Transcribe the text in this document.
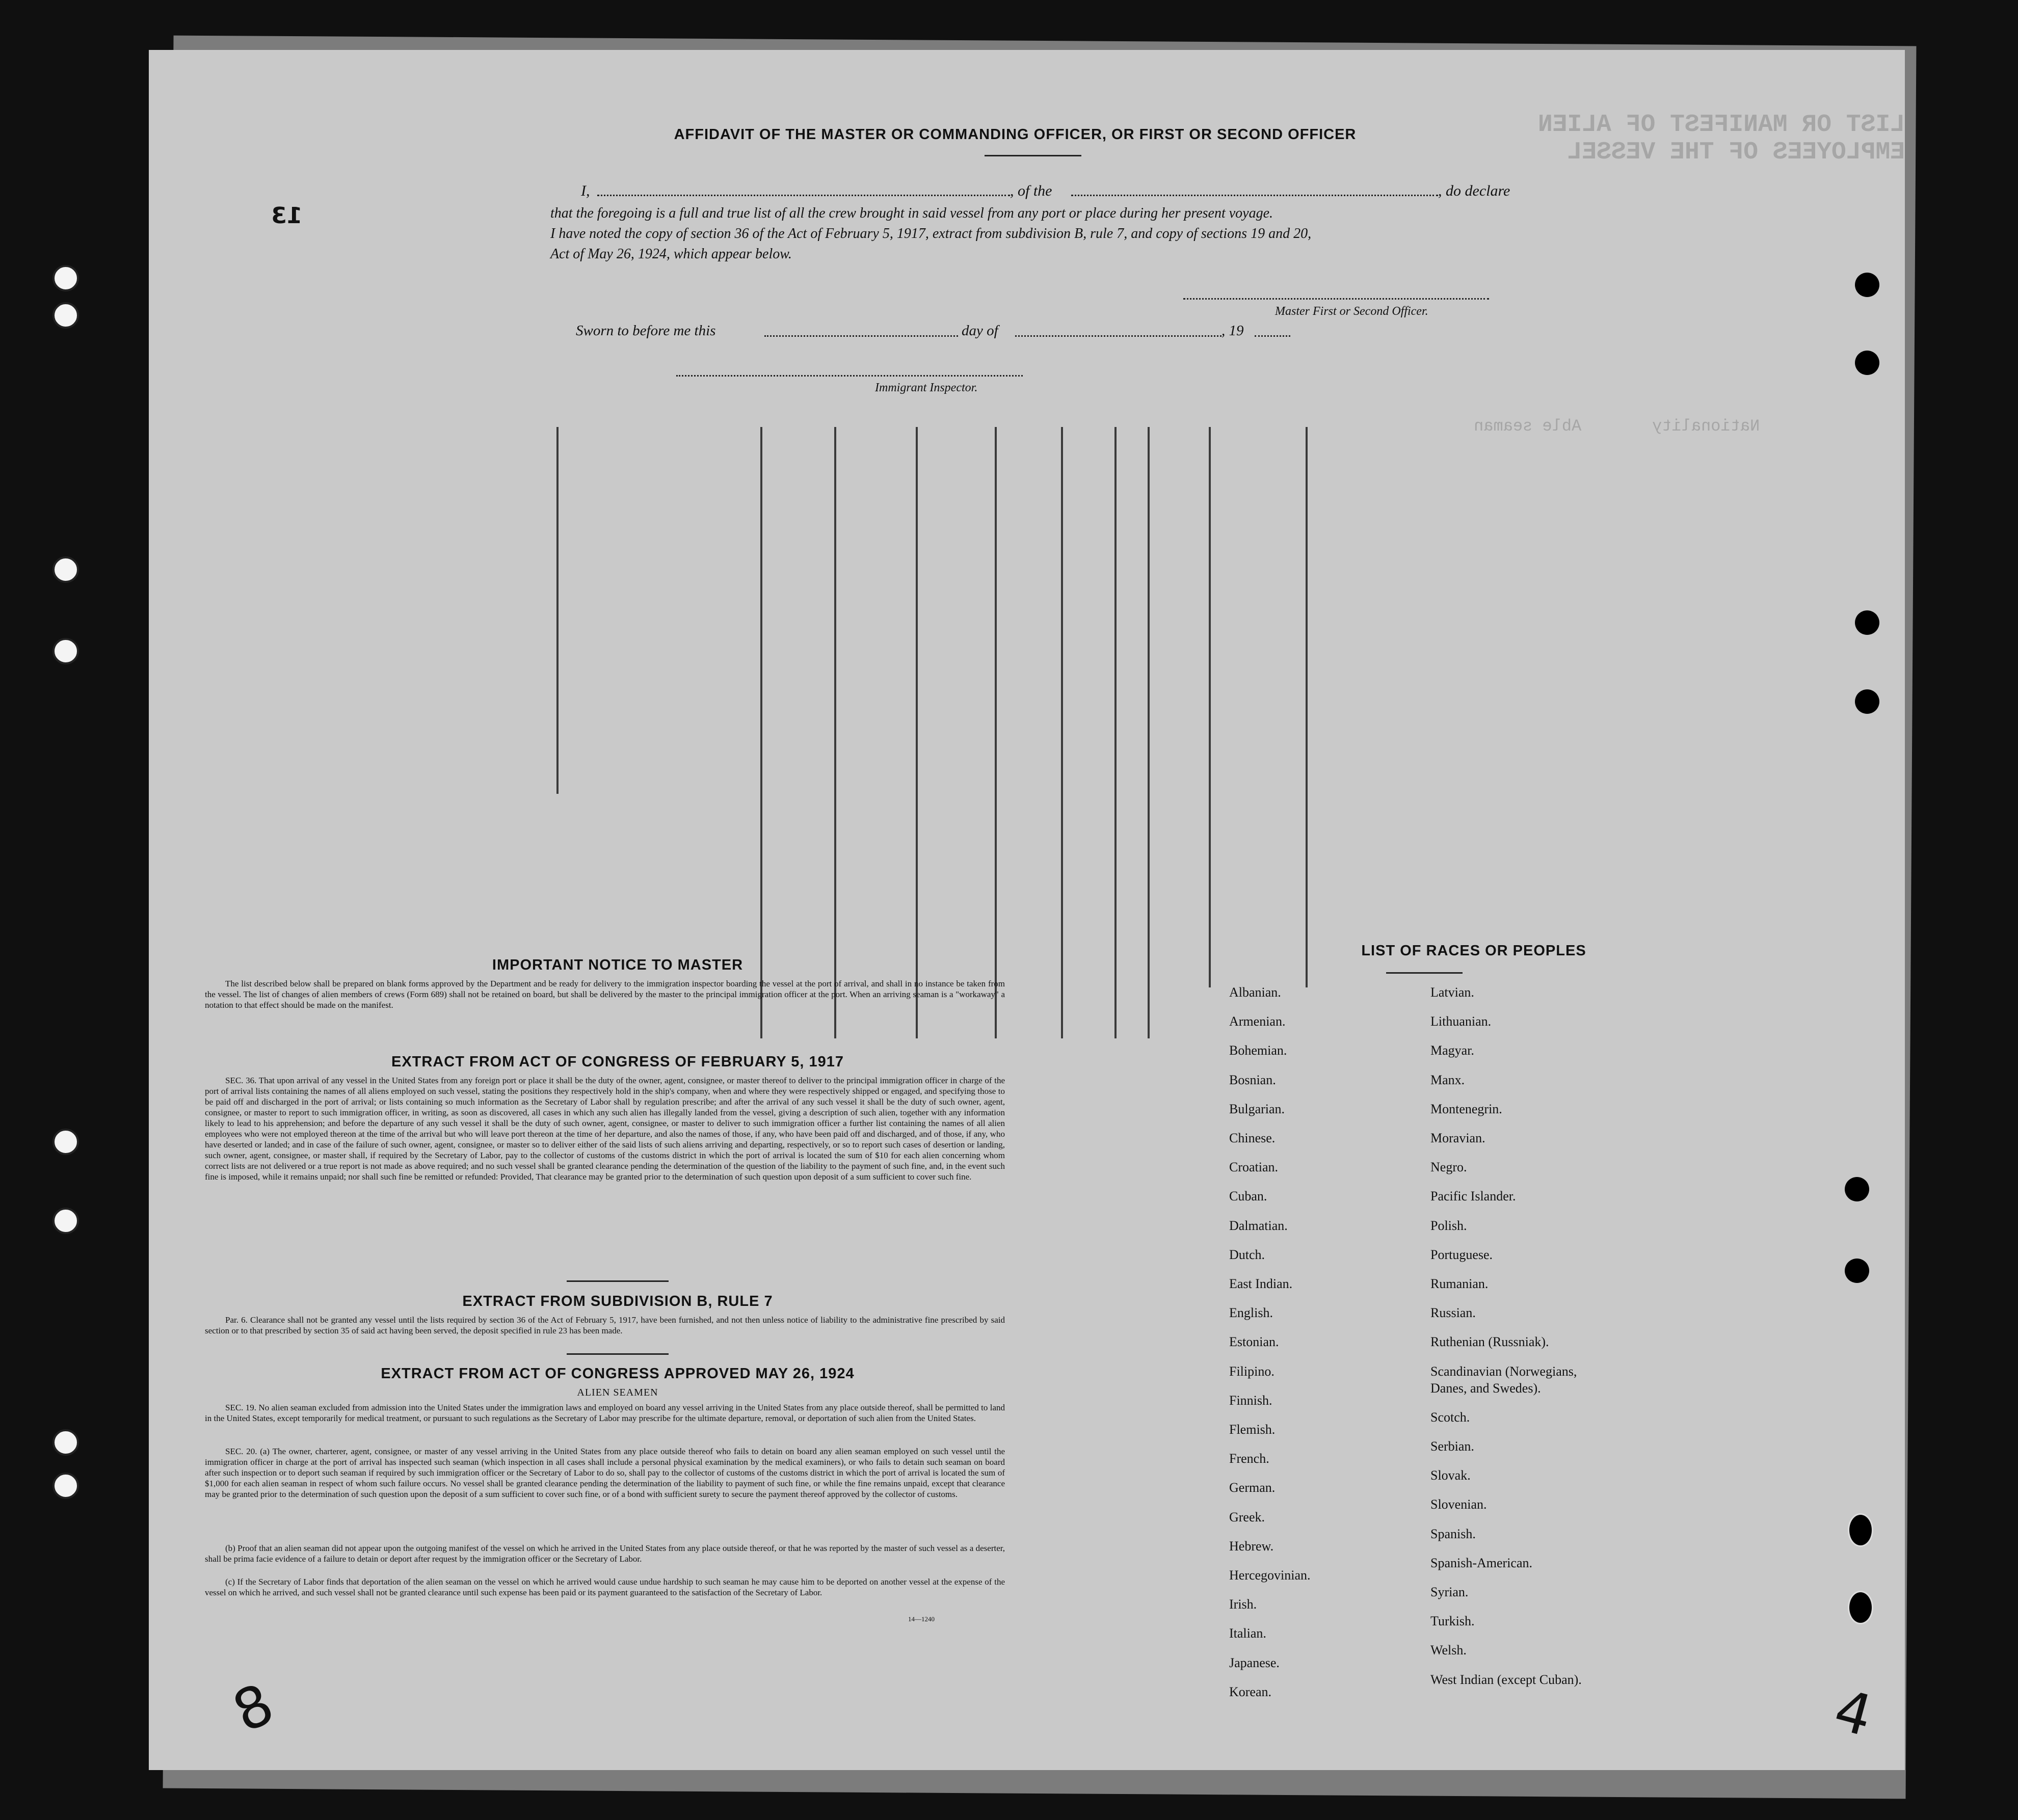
LIST OR MANIFEST OF ALIEN EMPLOYEES OF THE VESSEL
Nationality
Able seaman
AFFIDAVIT OF THE MASTER OR COMMANDING OFFICER, OR FIRST OR SECOND OFFICER
I,	, of the	, do declare
that the foregoing is a full and true list of all the crew brought in said vessel from any port or place during her present voyage.
I have noted the copy of section 36 of the Act of February 5, 1917, extract from subdivision B, rule 7, and copy of sections 19 and 20,
Act of May 26, 1924, which appear below.
Master First or Second Officer.
Sworn to before me this	day of	, 19
Immigrant Inspector.
IMPORTANT NOTICE TO MASTER
The list described below shall be prepared on blank forms approved by the Department and be ready for delivery to the immigration inspector boarding the vessel at the port of arrival, and shall in no instance be taken from the vessel. The list of changes of alien members of crews (Form 689) shall not be retained on board, but shall be delivered by the master to the principal immigration officer at the port. When an arriving seaman is a "workaway" a notation to that effect should be made on the manifest.
EXTRACT FROM ACT OF CONGRESS OF FEBRUARY 5, 1917
SEC. 36. That upon arrival of any vessel in the United States from any foreign port or place it shall be the duty of the owner, agent, consignee, or master thereof to deliver to the principal immigration officer in charge of the port of arrival lists containing the names of all aliens employed on such vessel, stating the positions they respectively hold in the ship's company, when and where they were respectively shipped or engaged, and specifying those to be paid off and discharged in the port of arrival; or lists containing so much information as the Secretary of Labor shall by regulation prescribe; and after the arrival of any such vessel it shall be the duty of such owner, agent, consignee, or master to report to such immigration officer, in writing, as soon as discovered, all cases in which any such alien has illegally landed from the vessel, giving a description of such alien, together with any information likely to lead to his apprehension; and before the departure of any such vessel it shall be the duty of such owner, agent, consignee, or master to deliver to such immigration officer a further list containing the names of all alien employees who were not employed thereon at the time of the arrival but who will leave port thereon at the time of her departure, and also the names of those, if any, who have been paid off and discharged, and of those, if any, who have deserted or landed; and in case of the failure of such owner, agent, consignee, or master so to deliver either of the said lists of such aliens arriving and departing, respectively, or so to report such cases of desertion or landing, such owner, agent, consignee, or master shall, if required by the Secretary of Labor, pay to the collector of customs of the customs district in which the port of arrival is located the sum of $10 for each alien concerning whom correct lists are not delivered or a true report is not made as above required; and no such vessel shall be granted clearance pending the determination of the question of the liability to the payment of such fine, and, in the event such fine is imposed, while it remains unpaid; nor shall such fine be remitted or refunded: Provided, That clearance may be granted prior to the determination of such question upon deposit of a sum sufficient to cover such fine.
EXTRACT FROM SUBDIVISION B, RULE 7
Par. 6. Clearance shall not be granted any vessel until the lists required by section 36 of the Act of February 5, 1917, have been furnished, and not then unless notice of liability to the administrative fine prescribed by said section or to that prescribed by section 35 of said act having been served, the deposit specified in rule 23 has been made.
EXTRACT FROM ACT OF CONGRESS APPROVED MAY 26, 1924
ALIEN SEAMEN
SEC. 19. No alien seaman excluded from admission into the United States under the immigration laws and employed on board any vessel arriving in the United States from any place outside thereof, shall be permitted to land in the United States, except temporarily for medical treatment, or pursuant to such regulations as the Secretary of Labor may prescribe for the ultimate departure, removal, or deportation of such alien from the United States.
SEC. 20. (a) The owner, charterer, agent, consignee, or master of any vessel arriving in the United States from any place outside thereof who fails to detain on board any alien seaman employed on such vessel until the immigration officer in charge at the port of arrival has inspected such seaman (which inspection in all cases shall include a personal physical examination by the medical examiners), or who fails to detain such seaman on board after such inspection or to deport such seaman if required by such immigration officer or the Secretary of Labor to do so, shall pay to the collector of customs of the customs district in which the port of arrival is located the sum of $1,000 for each alien seaman in respect of whom such failure occurs. No vessel shall be granted clearance pending the determination of the liability to payment of such fine, or while the fine remains unpaid, except that clearance may be granted prior to the determination of such question upon the deposit of a sum sufficient to cover such fine, or of a bond with sufficient surety to secure the payment thereof approved by the collector of customs.
(b) Proof that an alien seaman did not appear upon the outgoing manifest of the vessel on which he arrived in the United States from any place outside thereof, or that he was reported by the master of such vessel as a deserter, shall be prima facie evidence of a failure to detain or deport after request by the immigration officer or the Secretary of Labor.
(c) If the Secretary of Labor finds that deportation of the alien seaman on the vessel on which he arrived would cause undue hardship to such seaman he may cause him to be deported on another vessel at the expense of the vessel on which he arrived, and such vessel shall not be granted clearance until such expense has been paid or its payment guaranteed to the satisfaction of the Secretary of Labor.
14—1240
LIST OF RACES OR PEOPLES
Albanian.
Armenian.
Bohemian.
Bosnian.
Bulgarian.
Chinese.
Croatian.
Cuban.
Dalmatian.
Dutch.
East Indian.
English.
Estonian.
Filipino.
Finnish.
Flemish.
French.
German.
Greek.
Hebrew.
Hercegovinian.
Irish.
Italian.
Japanese.
Korean.
Latvian.
Lithuanian.
Magyar.
Manx.
Montenegrin.
Moravian.
Negro.
Pacific Islander.
Polish.
Portuguese.
Rumanian.
Russian.
Ruthenian (Russniak).
Scandinavian (Norwegians,
Danes, and Swedes).
Scotch.
Serbian.
Slovak.
Slovenian.
Spanish.
Spanish-American.
Syrian.
Turkish.
Welsh.
West Indian (except Cuban).
13
8	4
